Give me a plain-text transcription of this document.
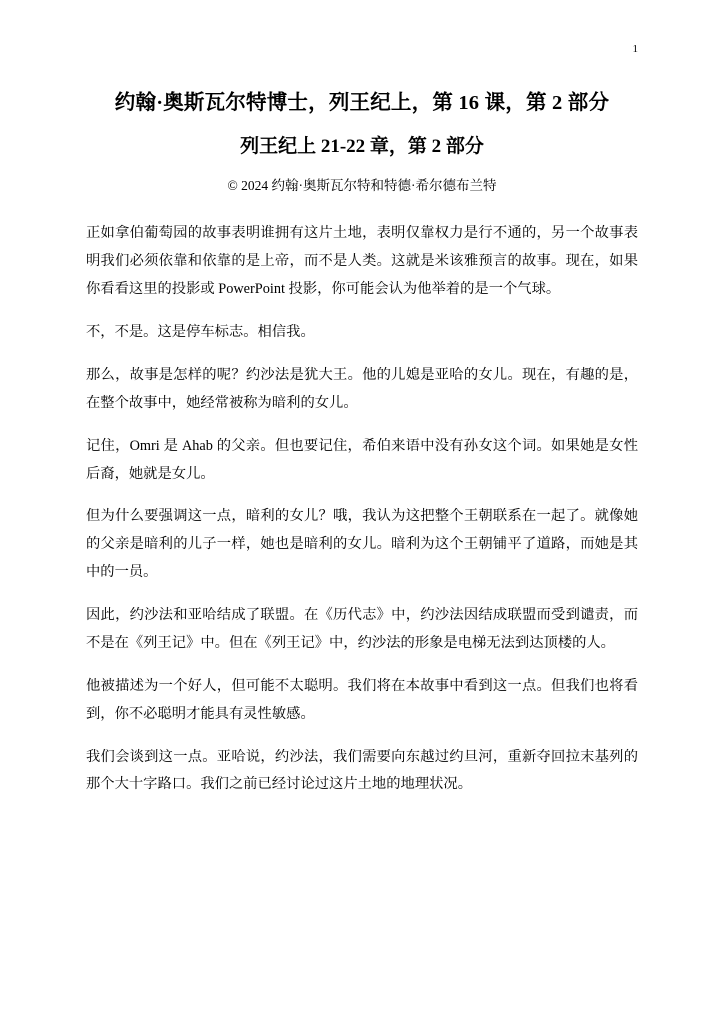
1
约翰·奥斯瓦尔特博士，列王纪上，第 16 课，第 2 部分
列王纪上 21-22 章，第 2 部分
© 2024 约翰·奥斯瓦尔特和特德·希尔德布兰特

正如拿伯葡萄园的故事表明谁拥有这片土地，表明仅靠权力是行不通的，另一个故事表明我们必须依靠和依靠的是上帝，而不是人类。这就是米该雅预言的故事。现在，如果你看看这里的投影或 PowerPoint 投影，你可能会认为他举着的是一个气球。

不，不是。这是停车标志。相信我。

那么，故事是怎样的呢？约沙法是犹大王。他的儿媳是亚哈的女儿。现在，有趣的是，在整个故事中，她经常被称为暗利的女儿。

记住，Omri 是 Ahab 的父亲。但也要记住，希伯来语中没有孙女这个词。如果她是女性后裔，她就是女儿。

但为什么要强调这一点，暗利的女儿？哦，我认为这把整个王朝联系在一起了。就像她的父亲是暗利的儿子一样，她也是暗利的女儿。暗利为这个王朝铺平了道路，而她是其中的一员。

因此，约沙法和亚哈结成了联盟。在《历代志》中，约沙法因结成联盟而受到谴责，而不是在《列王记》中。但在《列王记》中，约沙法的形象是电梯无法到达顶楼的人。

他被描述为一个好人，但可能不太聪明。我们将在本故事中看到这一点。但我们也将看到，你不必聪明才能具有灵性敏感。

我们会谈到这一点。亚哈说，约沙法，我们需要向东越过约旦河，重新夺回拉末基列的那个大十字路口。我们之前已经讨论过这片土地的地理状况。
